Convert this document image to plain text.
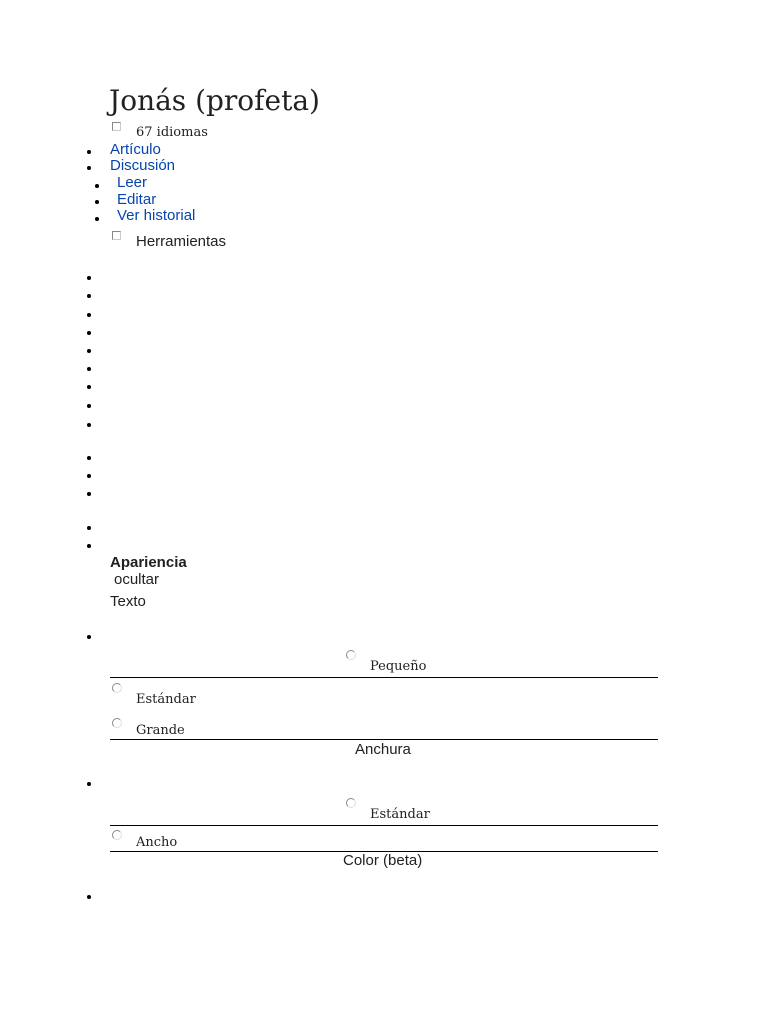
Jonás (profeta)
67 idiomas
Artículo
Discusión
Leer
Editar
Ver historial
Herramientas
Apariencia
ocultar
Texto
Pequeño
Estándar
Grande
Anchura
Estándar
Ancho
Color (beta)
